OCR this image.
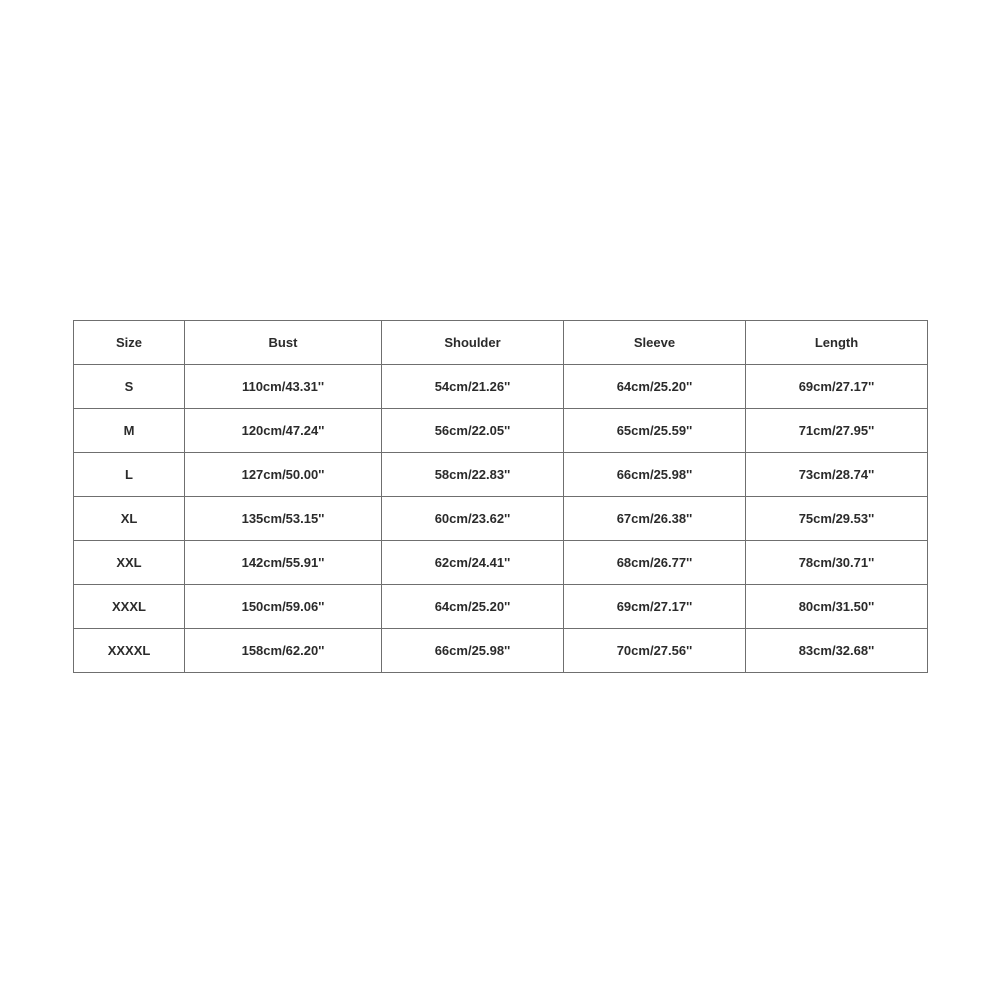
Size	Bust	Shoulder	Sleeve	Length
S	110cm/43.31''	54cm/21.26''	64cm/25.20''	69cm/27.17''
M	120cm/47.24''	56cm/22.05''	65cm/25.59''	71cm/27.95''
L	127cm/50.00''	58cm/22.83''	66cm/25.98''	73cm/28.74''
XL	135cm/53.15''	60cm/23.62''	67cm/26.38''	75cm/29.53''
XXL	142cm/55.91''	62cm/24.41''	68cm/26.77''	78cm/30.71''
XXXL	150cm/59.06''	64cm/25.20''	69cm/27.17''	80cm/31.50''
XXXXL	158cm/62.20''	66cm/25.98''	70cm/27.56''	83cm/32.68''
